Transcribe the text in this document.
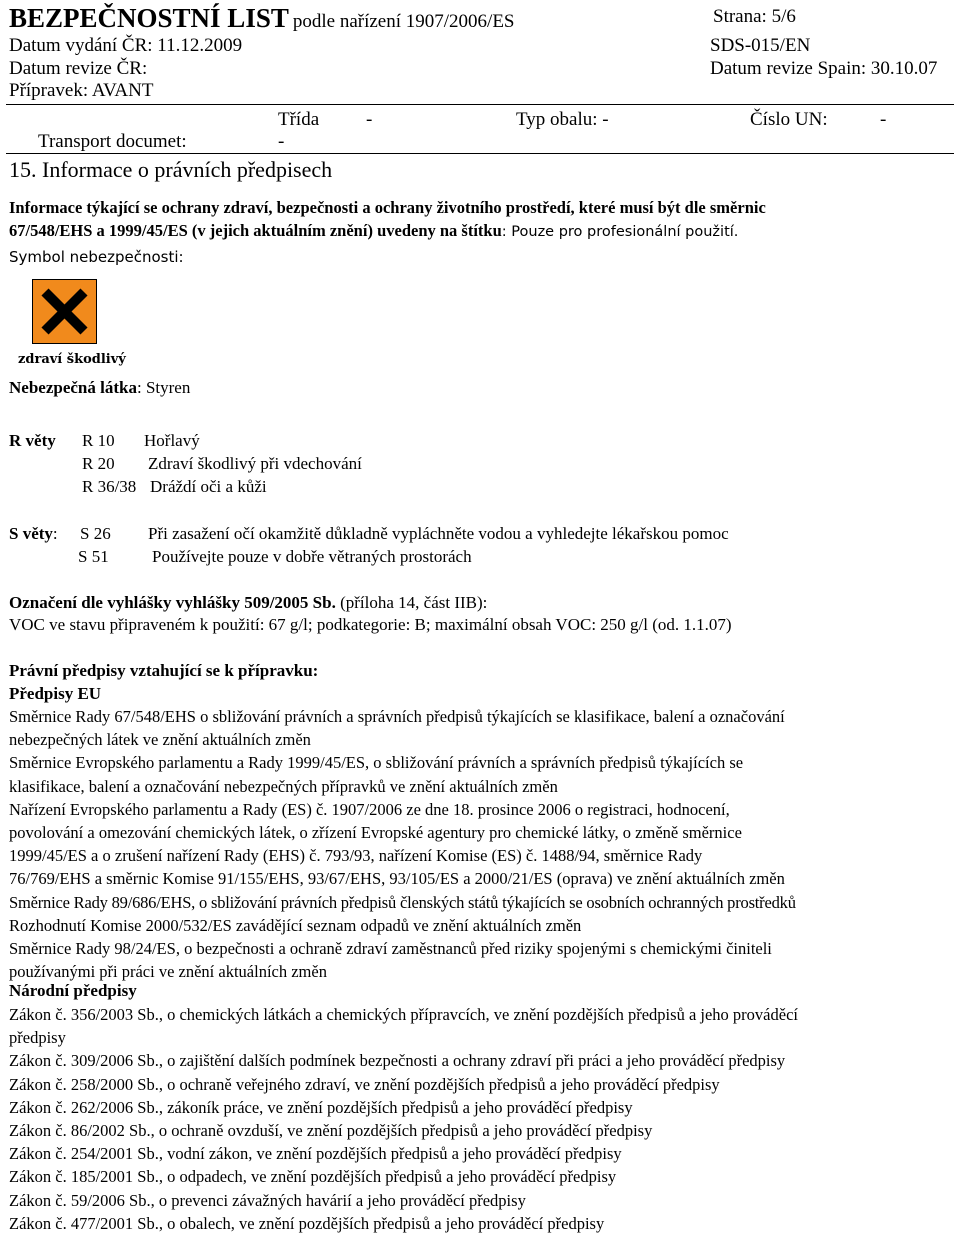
BEZPEČNOSTNÍ LIST podle nařízení 1907/2006/ES	Strana: 5/6
Datum vydání ČR: 11.12.2009	SDS-015/EN
Datum revize ČR:	Datum revize Spain: 30.10.07
Přípravek: AVANT
Třída -	Typ obalu: -	Číslo UN:	-
Transport documet:	-
15. Informace o právních předpisech
Informace týkající se ochrany zdraví, bezpečnosti a ochrany životního prostředí, které musí být dle směrnic
67/548/EHS a 1999/45/ES (v jejich aktuálním znění) uvedeny na štítku: Pouze pro profesionální použití.
Symbol nebezpečnosti:
zdraví škodlivý
Nebezpečná látka: Styren
R věty R 10 Hořlavý
R 20 Zdraví škodlivý při vdechování
R 36/38 Dráždí oči a kůži
S věty: S 26 Při zasažení očí okamžitě důkladně vypláchněte vodou a vyhledejte lékařskou pomoc
S 51	Používejte pouze v dobře větraných prostorách
Označení dle vyhlášky vyhlášky 509/2005 Sb. (příloha 14, část IIB):
VOC ve stavu připraveném k použití: 67 g/l; podkategorie: B; maximální obsah VOC: 250 g/l (od. 1.1.07)
Právní předpisy vztahující se k přípravku:
Předpisy EU
Směrnice Rady 67/548/EHS o sbližování právních a správních předpisů týkajících se klasifikace, balení a označování
nebezpečných látek ve znění aktuálních změn
Směrnice Evropského parlamentu a Rady 1999/45/ES, o sbližování právních a správních předpisů týkajících se
klasifikace, balení a označování nebezpečných přípravků ve znění aktuálních změn
Nařízení Evropského parlamentu a Rady (ES) č. 1907/2006 ze dne 18. prosince 2006 o registraci, hodnocení,
povolování a omezování chemických látek, o zřízení Evropské agentury pro chemické látky, o změně směrnice
1999/45/ES a o zrušení nařízení Rady (EHS) č. 793/93, nařízení Komise (ES) č. 1488/94, směrnice Rady
76/769/EHS a směrnic Komise 91/155/EHS, 93/67/EHS, 93/105/ES a 2000/21/ES (oprava) ve znění aktuálních změn
Směrnice Rady 89/686/EHS, o sbližování právních předpisů členských států týkajících se osobních ochranných prostředků
Rozhodnutí Komise 2000/532/ES zavádějící seznam odpadů ve znění aktuálních změn
Směrnice Rady 98/24/ES, o bezpečnosti a ochraně zdraví zaměstnanců před riziky spojenými s chemickými činiteli
používanými při práci ve znění aktuálních změn
Národní předpisy
Zákon č. 356/2003 Sb., o chemických látkách a chemických přípravcích, ve znění pozdějších předpisů a jeho prováděcí
předpisy
Zákon č. 309/2006 Sb., o zajištění dalších podmínek bezpečnosti a ochrany zdraví při práci a jeho prováděcí předpisy
Zákon č. 258/2000 Sb., o ochraně veřejného zdraví, ve znění pozdějších předpisů a jeho prováděcí předpisy
Zákon č. 262/2006 Sb., zákoník práce, ve znění pozdějších předpisů a jeho prováděcí předpisy
Zákon č. 86/2002 Sb., o ochraně ovzduší, ve znění pozdějších předpisů a jeho prováděcí předpisy
Zákon č. 254/2001 Sb., vodní zákon, ve znění pozdějších předpisů a jeho prováděcí předpisy
Zákon č. 185/2001 Sb., o odpadech, ve znění pozdějších předpisů a jeho prováděcí předpisy
Zákon č. 59/2006 Sb., o prevenci závažných havárií a jeho prováděcí předpisy
Zákon č. 477/2001 Sb., o obalech, ve znění pozdějších předpisů a jeho prováděcí předpisy
